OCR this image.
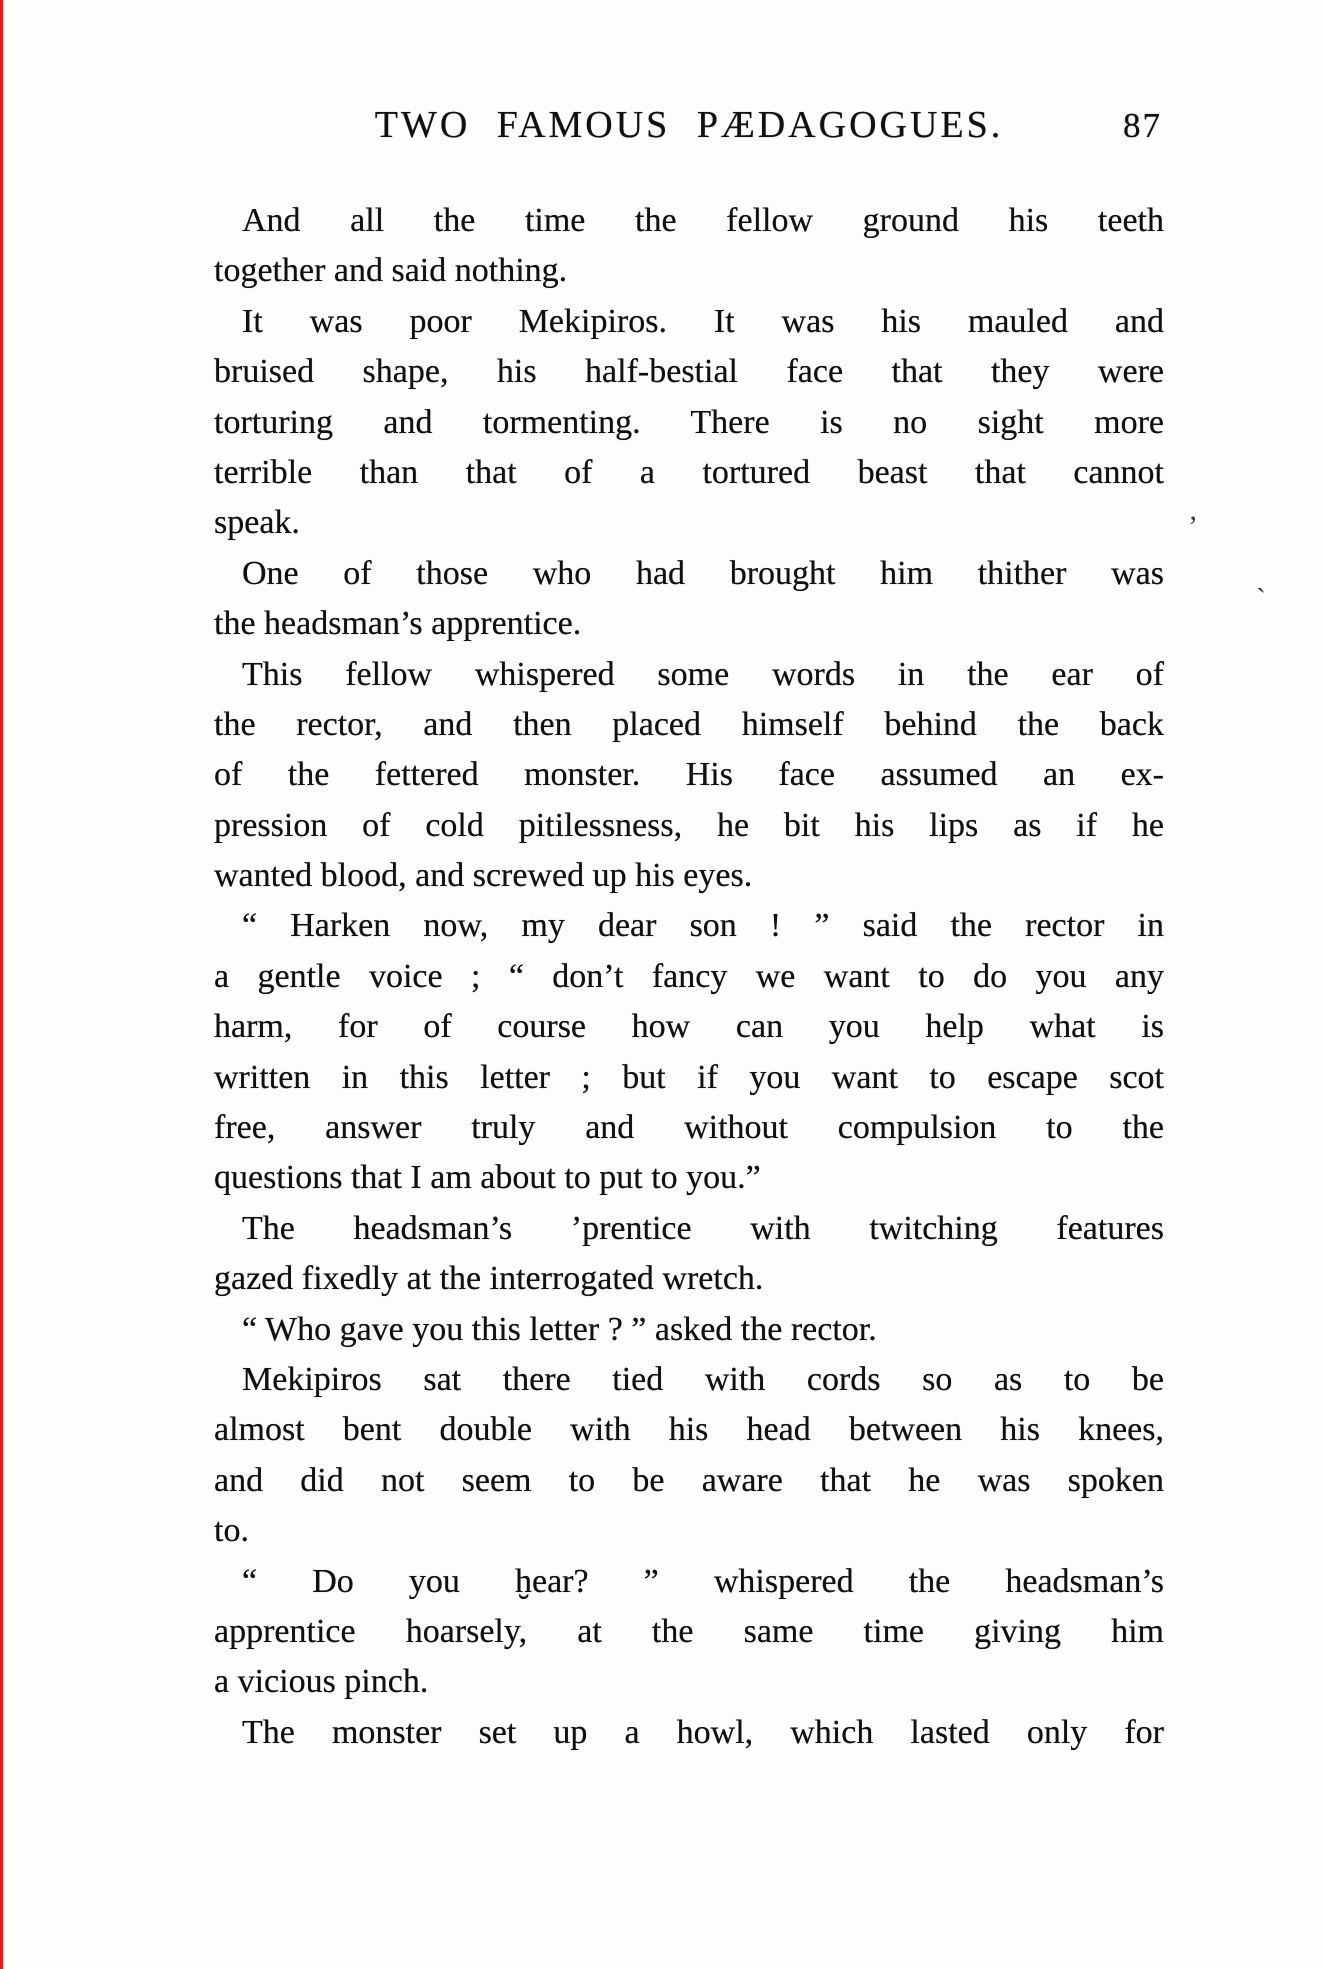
TWO FAMOUS PÆDAGOGUES.	87
And all the time the fellow ground his teeth
together and said nothing.
It was poor Mekipiros. It was his mauled and
bruised shape, his half-bestial face that they were
torturing and tormenting. There is no sight more
terrible than that of a tortured beast that cannot
speak.
One of those who had brought him thither was
the headsman’s apprentice.
This fellow whispered some words in the ear of
the rector, and then placed himself behind the back
of the fettered monster. His face assumed an ex-
pression of cold pitilessness, he bit his lips as if he
wanted blood, and screwed up his eyes.
“ Harken now, my dear son ! ” said the rector in
a gentle voice ; “ don’t fancy we want to do you any
harm, for of course how can you help what is
written in this letter ; but if you want to escape scot
free, answer truly and without compulsion to the
questions that I am about to put to you.”
The headsman’s ’prentice with twitching features
gazed fixedly at the interrogated wretch.
“ Who gave you this letter ? ” asked the rector.
Mekipiros sat there tied with cords so as to be
almost bent double with his head between his knees,
and did not seem to be aware that he was spoken
to.
“ Do you ḫear? ” whispered the headsman’s
apprentice hoarsely, at the same time giving him
a vicious pinch.
The monster set up a howl, which lasted only for
’
ˏ
